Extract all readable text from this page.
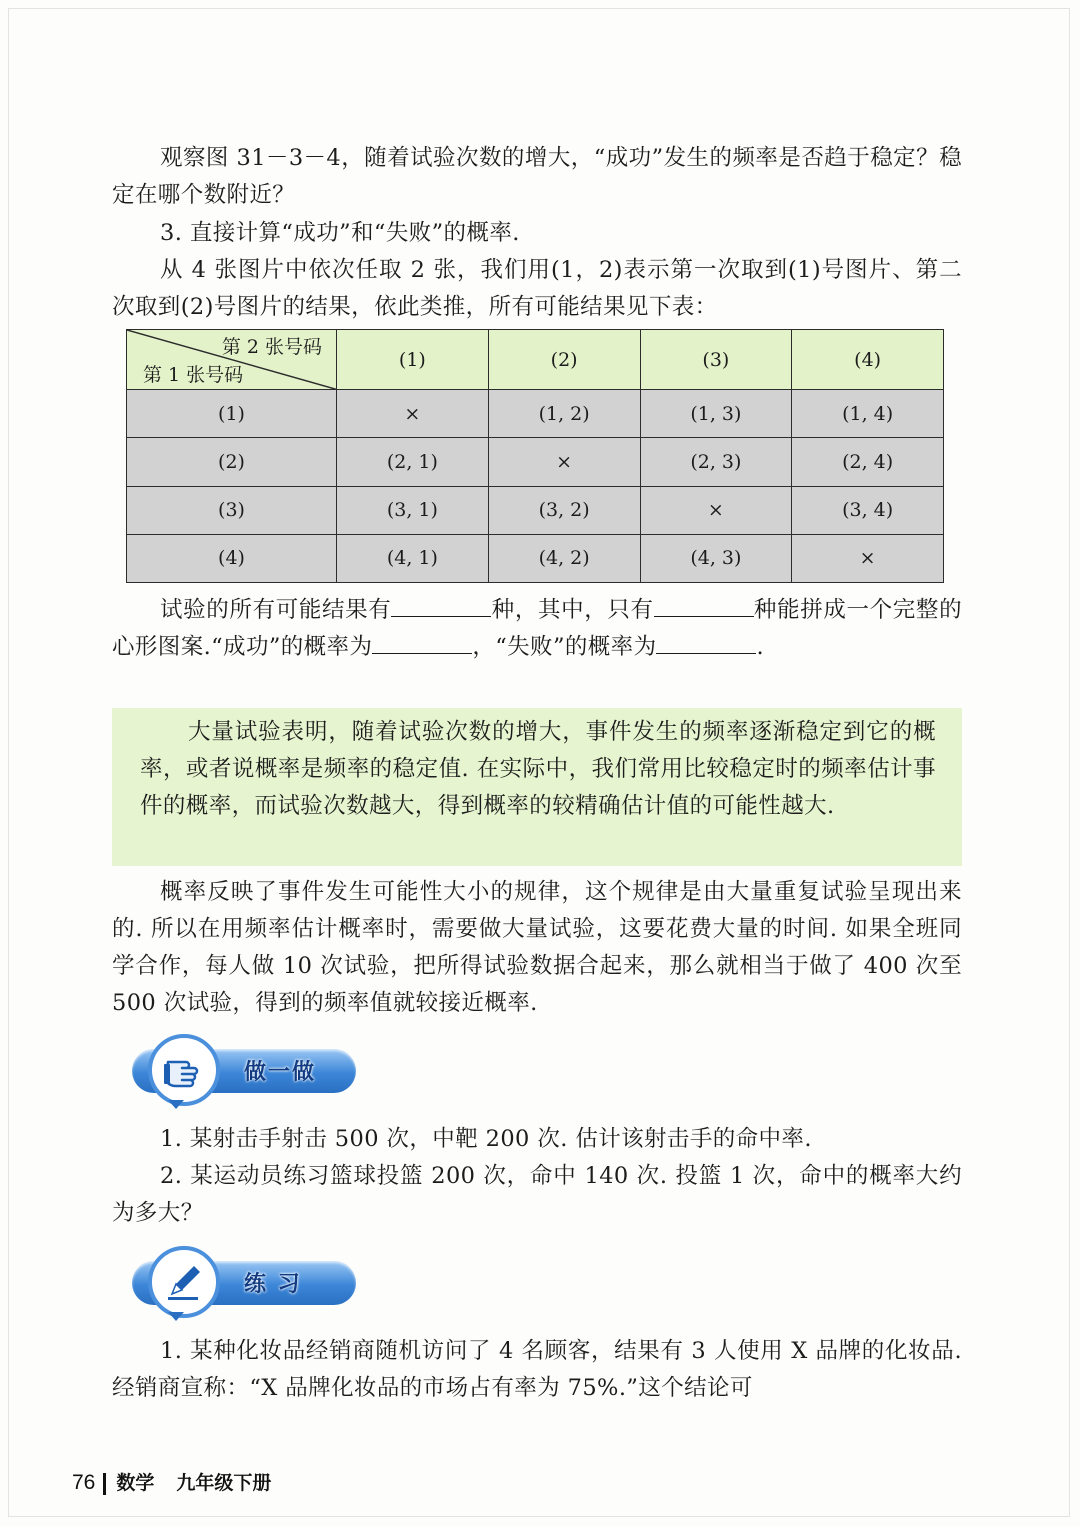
观察图 31－3－4，随着试验次数的增大，“成功”发生的频率是否趋于稳定？稳定在哪个数附近？

3. 直接计算“成功”和“失败”的概率.

从 4 张图片中依次任取 2 张，我们用(1，2)表示第一次取到(1)号图片、第二次取到(2)号图片的结果，依此类推，所有可能结果见下表：

第 2 张号码
第 1 张号码	(1)	(2)	(3)	(4)
(1)	×	(1, 2)	(1, 3)	(1, 4)
(2)	(2, 1)	×	(2, 3)	(2, 4)
(3)	(3, 1)	(3, 2)	×	(3, 4)
(4)	(4, 1)	(4, 2)	(4, 3)	×

试验的所有可能结果有	种，其中，只有	种能拼成一个完整的心形图案.“成功”的概率为	，“失败”的概率为	.

大量试验表明，随着试验次数的增大，事件发生的频率逐渐稳定到它的概率，或者说概率是频率的稳定值. 在实际中，我们常用比较稳定时的频率估计事件的概率，而试验次数越大，得到概率的较精确估计值的可能性越大.

概率反映了事件发生可能性大小的规律，这个规律是由大量重复试验呈现出来的. 所以在用频率估计概率时，需要做大量试验，这要花费大量的时间. 如果全班同学合作，每人做 10 次试验，把所得试验数据合起来，那么就相当于做了 400 次至 500 次试验，得到的频率值就较接近概率.

做一做

1. 某射击手射击 500 次，中靶 200 次. 估计该射击手的命中率.

2. 某运动员练习篮球投篮 200 次，命中 140 次. 投篮 1 次，命中的概率大约为多大？

练 习

1. 某种化妆品经销商随机访问了 4 名顾客，结果有 3 人使用 X 品牌的化妆品. 经销商宣称：“X 品牌化妆品的市场占有率为 75%.”这个结论可

76 数学 九年级下册
